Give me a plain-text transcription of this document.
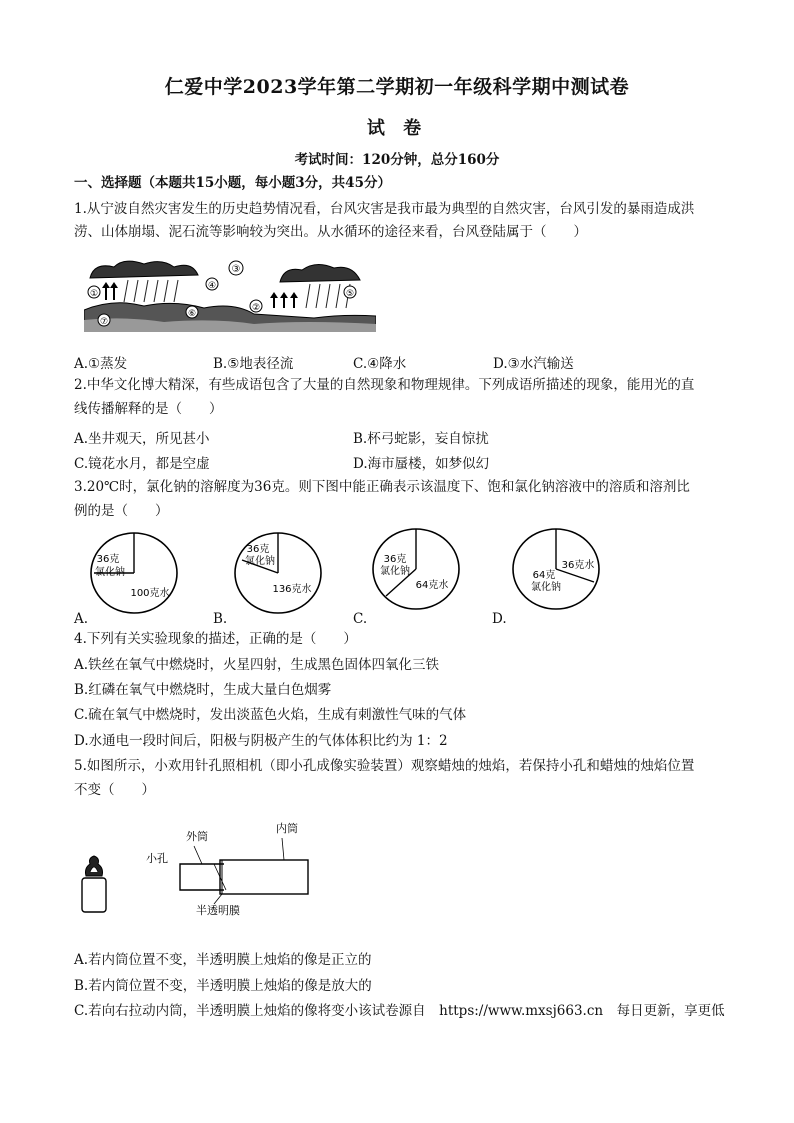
仁爱中学2023学年第二学期初一年级科学期中测试卷
试 卷
考试时间：120分钟，总分160分
一、选择题（本题共15小题，每小题3分，共45分）
1.从宁波自然灾害发生的历史趋势情况看，台风灾害是我市最为典型的自然灾害，台风引发的暴雨造成洪
涝、山体崩塌、泥石流等影响较为突出。从水循环的途径来看，台风登陆属于（　　）
③
①
④
②
⑤
⑥
⑦
A.①蒸发	B.⑤地表径流	C.④降水	D.③水汽输送
2.中华文化博大精深，有些成语包含了大量的自然现象和物理规律。下列成语所描述的现象，能用光的直
线传播解释的是（　　）
A.坐井观天，所见甚小	B.杯弓蛇影，妄自惊扰
C.镜花水月，都是空虚	D.海市蜃楼，如梦似幻
3.20℃时，氯化钠的溶解度为36克。则下图中能正确表示该温度下、饱和氯化钠溶液中的溶质和溶剂比
例的是（　　）
36克
氯化钠
100克水
A.
36克
氯化钠
136克水
B.
36克
氯化钠
64克水
C.
36克水
64克
氯化钠
D.
4.下列有关实验现象的描述，正确的是（　　）
A.铁丝在氧气中燃烧时，火星四射，生成黑色固体四氧化三铁
B.红磷在氧气中燃烧时，生成大量白色烟雾
C.硫在氧气中燃烧时，发出淡蓝色火焰，生成有刺激性气味的气体
D.水通电一段时间后，阳极与阴极产生的气体体积比约为 1：2
5.如图所示，小欢用针孔照相机（即小孔成像实验装置）观察蜡烛的烛焰，若保持小孔和蜡烛的烛焰位置
不变（　　）
外筒
内筒
小孔
半透明膜
A.若内筒位置不变，半透明膜上烛焰的像是正立的
B.若内筒位置不变，半透明膜上烛焰的像是放大的
C.若向右拉动内筒，半透明膜上烛焰的像将变小该试卷源自　https://www.mxsj663.cn　每日更新，享更低
